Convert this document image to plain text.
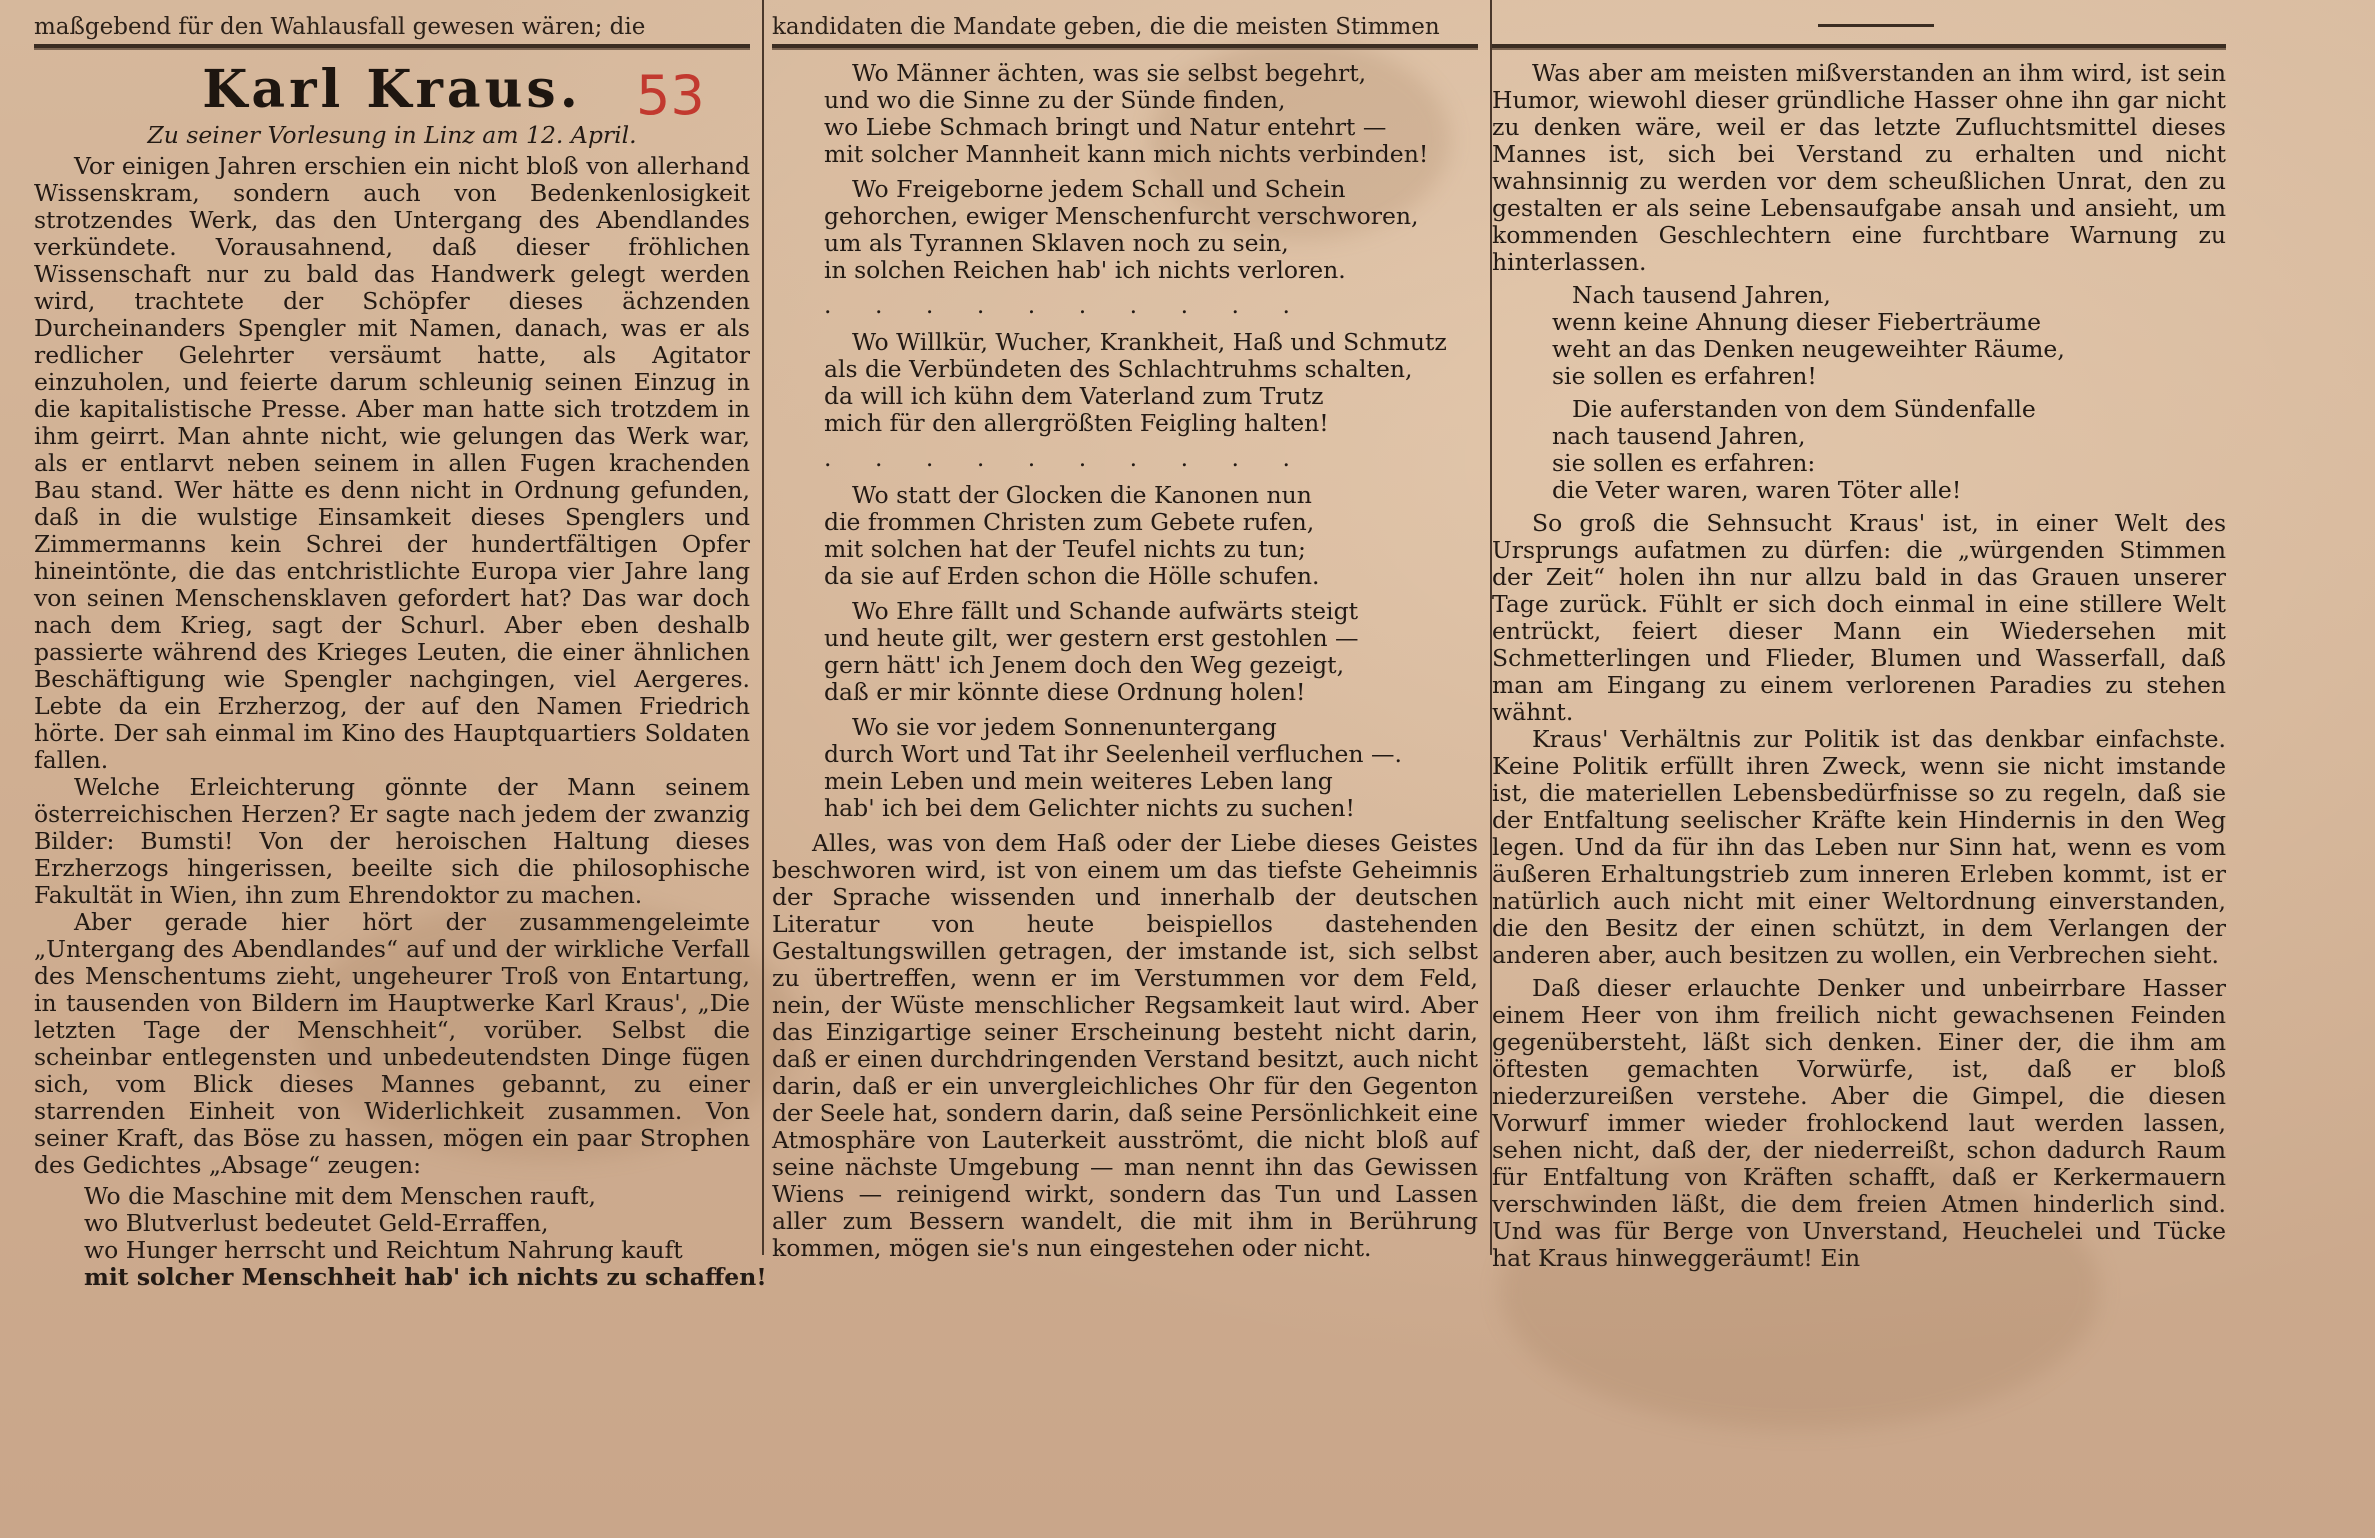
maßgebend für den Wahlausfall gewesen wären; die
Karl Kraus.
Zu seiner Vorlesung in Linz am 12. April.

Vor einigen Jahren erschien ein nicht bloß von allerhand Wissenskram, sondern auch von Bedenkenlosigkeit strotzendes Werk, das den Untergang des Abendlandes verkündete. Vorausahnend, daß dieser fröhlichen Wissenschaft nur zu bald das Handwerk gelegt werden wird, trachtete der Schöpfer dieses ächzenden Durcheinanders Spengler mit Namen, danach, was er als redlicher Gelehrter versäumt hatte, als Agitator einzuholen, und feierte darum schleunig seinen Einzug in die kapitalistische Presse. Aber man hatte sich trotzdem in ihm geirrt. Man ahnte nicht, wie gelungen das Werk war, als er entlarvt neben seinem in allen Fugen krachenden Bau stand. Wer hätte es denn nicht in Ordnung gefunden, daß in die wulstige Einsamkeit dieses Spenglers und Zimmermanns kein Schrei der hundertfältigen Opfer hineintönte, die das entchristlichte Europa vier Jahre lang von seinen Menschensklaven gefordert hat? Das war doch nach dem Krieg, sagt der Schurl. Aber eben deshalb passierte während des Krieges Leuten, die einer ähnlichen Beschäftigung wie Spengler nachgingen, viel Aergeres. Lebte da ein Erzherzog, der auf den Namen Friedrich hörte. Der sah einmal im Kino des Hauptquartiers Soldaten fallen.

Welche Erleichterung gönnte der Mann seinem österreichischen Herzen? Er sagte nach jedem der zwanzig Bilder: Bumsti! Von der heroischen Haltung dieses Erzherzogs hingerissen, beeilte sich die philosophische Fakultät in Wien, ihn zum Ehrendoktor zu machen.

Aber gerade hier hört der zusammengeleimte „Untergang des Abendlandes“ auf und der wirkliche Verfall des Menschentums zieht, ungeheurer Troß von Entartung, in tausenden von Bildern im Hauptwerke Karl Kraus', „Die letzten Tage der Menschheit“, vorüber. Selbst die scheinbar entlegensten und unbedeutendsten Dinge fügen sich, vom Blick dieses Mannes gebannt, zu einer starrenden Einheit von Widerlichkeit zusammen. Von seiner Kraft, das Böse zu hassen, mögen ein paar Strophen des Gedichtes „Absage“ zeugen:

Wo die Maschine mit dem Menschen rauft,
wo Blutverlust bedeutet Geld-Erraffen,
wo Hunger herrscht und Reichtum Nahrung kauft
mit solcher Menschheit hab' ich nichts zu schaffen!
53
kandidaten die Mandate geben, die die meisten Stimmen
Wo Männer ächten, was sie selbst begehrt,
und wo die Sinne zu der Sünde finden,
wo Liebe Schmach bringt und Natur entehrt —
mit solcher Mannheit kann mich nichts verbinden!
Wo Freigeborne jedem Schall und Schein
gehorchen, ewiger Menschenfurcht verschworen,
um als Tyrannen Sklaven noch zu sein,
in solchen Reichen hab' ich nichts verloren.
. . . . . . . . . .
Wo Willkür, Wucher, Krankheit, Haß und Schmutz
als die Verbündeten des Schlachtruhms schalten,
da will ich kühn dem Vaterland zum Trutz
mich für den allergrößten Feigling halten!
. . . . . . . . . .
Wo statt der Glocken die Kanonen nun
die frommen Christen zum Gebete rufen,
mit solchen hat der Teufel nichts zu tun;
da sie auf Erden schon die Hölle schufen.
Wo Ehre fällt und Schande aufwärts steigt
und heute gilt, wer gestern erst gestohlen —
gern hätt' ich Jenem doch den Weg gezeigt,
daß er mir könnte diese Ordnung holen!
Wo sie vor jedem Sonnenuntergang
durch Wort und Tat ihr Seelenheil verfluchen —.
mein Leben und mein weiteres Leben lang
hab' ich bei dem Gelichter nichts zu suchen!

Alles, was von dem Haß oder der Liebe dieses Geistes beschworen wird, ist von einem um das tiefste Geheimnis der Sprache wissenden und innerhalb der deutschen Literatur von heute beispiellos dastehenden Gestaltungswillen getragen, der imstande ist, sich selbst zu übertreffen, wenn er im Verstummen vor dem Feld, nein, der Wüste menschlicher Regsamkeit laut wird. Aber das Einzigartige seiner Erscheinung besteht nicht darin, daß er einen durchdringenden Verstand besitzt, auch nicht darin, daß er ein unvergleichliches Ohr für den Gegenton der Seele hat, sondern darin, daß seine Persönlichkeit eine Atmosphäre von Lauterkeit ausströmt, die nicht bloß auf seine nächste Umgebung — man nennt ihn das Gewissen Wiens — reinigend wirkt, sondern das Tun und Lassen aller zum Bessern wandelt, die mit ihm in Berührung kommen, mögen sie's nun eingestehen oder nicht.

Was aber am meisten mißverstanden an ihm wird, ist sein Humor, wiewohl dieser gründliche Hasser ohne ihn gar nicht zu denken wäre, weil er das letzte Zufluchtsmittel dieses Mannes ist, sich bei Verstand zu erhalten und nicht wahnsinnig zu werden vor dem scheußlichen Unrat, den zu gestalten er als seine Lebensaufgabe ansah und ansieht, um kommenden Geschlechtern eine furchtbare Warnung zu hinterlassen.

Nach tausend Jahren,
wenn keine Ahnung dieser Fieberträume
weht an das Denken neugeweihter Räume,
sie sollen es erfahren!
Die auferstanden von dem Sündenfalle
nach tausend Jahren,
sie sollen es erfahren:
die Veter waren, waren Töter alle!

So groß die Sehnsucht Kraus' ist, in einer Welt des Ursprungs aufatmen zu dürfen: die „würgenden Stimmen der Zeit“ holen ihn nur allzu bald in das Grauen unserer Tage zurück. Fühlt er sich doch einmal in eine stillere Welt entrückt, feiert dieser Mann ein Wiedersehen mit Schmetterlingen und Flieder, Blumen und Wasserfall, daß man am Eingang zu einem verlorenen Paradies zu stehen wähnt.

Kraus' Verhältnis zur Politik ist das denkbar einfachste. Keine Politik erfüllt ihren Zweck, wenn sie nicht imstande ist, die materiellen Lebensbedürfnisse so zu regeln, daß sie der Entfaltung seelischer Kräfte kein Hindernis in den Weg legen. Und da für ihn das Leben nur Sinn hat, wenn es vom äußeren Erhaltungstrieb zum inneren Erleben kommt, ist er natürlich auch nicht mit einer Weltordnung einverstanden, die den Besitz der einen schützt, in dem Verlangen der anderen aber, auch besitzen zu wollen, ein Verbrechen sieht.

Daß dieser erlauchte Denker und unbeirrbare Hasser einem Heer von ihm freilich nicht gewachsenen Feinden gegenübersteht, läßt sich denken. Einer der, die ihm am öftesten gemachten Vorwürfe, ist, daß er bloß niederzureißen verstehe. Aber die Gimpel, die diesen Vorwurf immer wieder frohlockend laut werden lassen, sehen nicht, daß der, der niederreißt, schon dadurch Raum für Entfaltung von Kräften schafft, daß er Kerkermauern verschwinden läßt, die dem freien Atmen hinderlich sind. Und was für Berge von Unverstand, Heuchelei und Tücke hat Kraus hinweggeräumt! Ein
